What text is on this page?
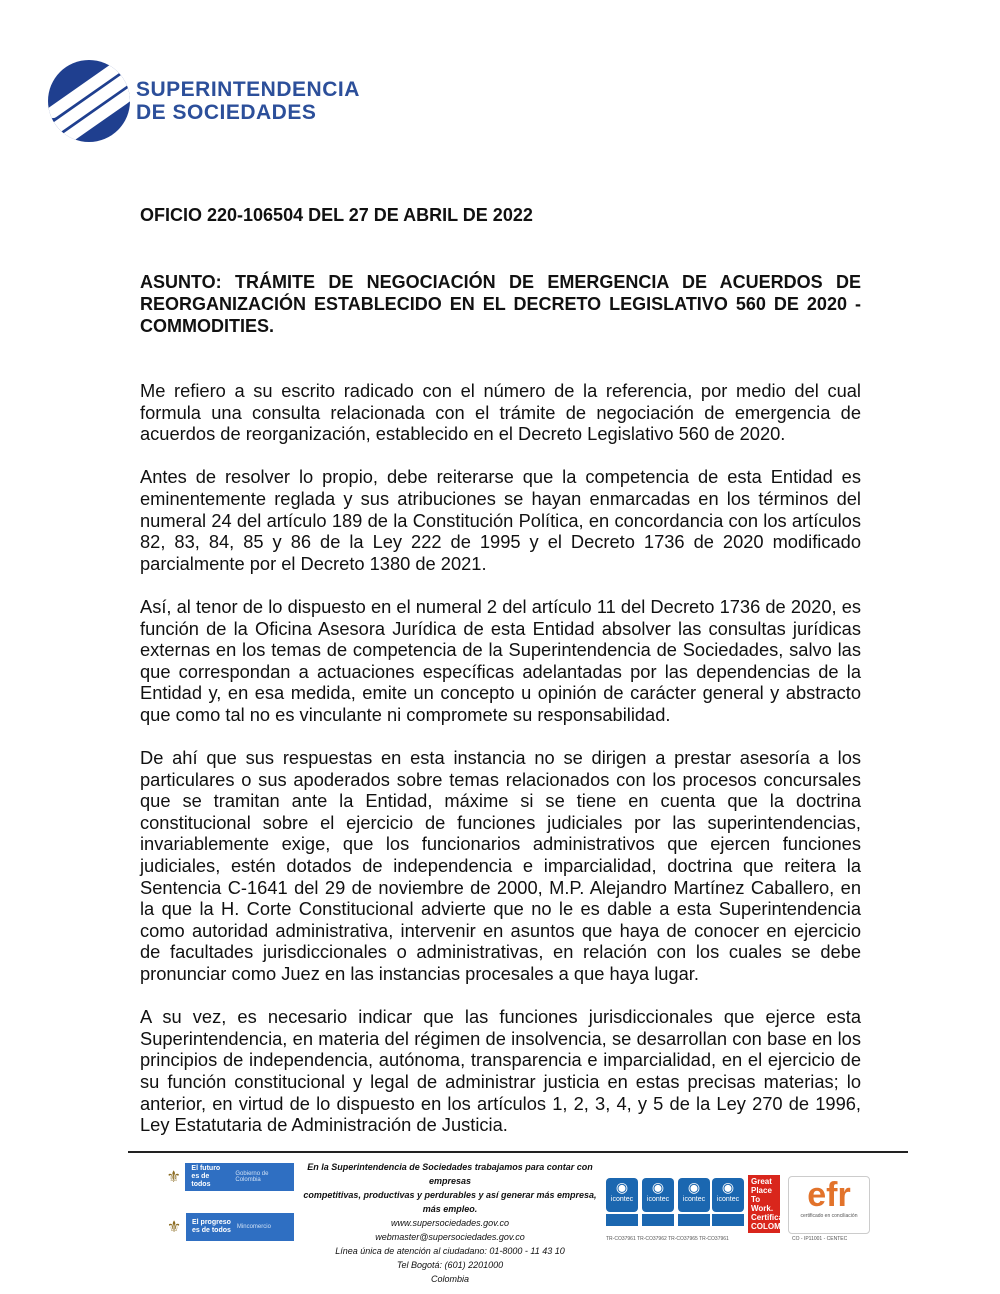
SUPERINTENDENCIA
DE SOCIEDADES
OFICIO 220-106504 DEL 27 DE ABRIL DE 2022
ASUNTO: TRÁMITE DE NEGOCIACIÓN DE EMERGENCIA DE ACUERDOS DE REORGANIZACIÓN ESTABLECIDO EN EL DECRETO LEGISLATIVO 560 DE 2020 - COMMODITIES.

Me refiero a su escrito radicado con el número de la referencia, por medio del cual formula una consulta relacionada con el trámite de negociación de emergencia de acuerdos de reorganización, establecido en el Decreto Legislativo 560 de 2020.

Antes de resolver lo propio, debe reiterarse que la competencia de esta Entidad es eminentemente reglada y sus atribuciones se hayan enmarcadas en los términos del numeral 24 del artículo 189 de la Constitución Política, en concordancia con los artículos 82, 83, 84, 85 y 86 de la Ley 222 de 1995 y el Decreto 1736 de 2020 modificado parcialmente por el Decreto 1380 de 2021.

Así, al tenor de lo dispuesto en el numeral 2 del artículo 11 del Decreto 1736 de 2020, es función de la Oficina Asesora Jurídica de esta Entidad absolver las consultas jurídicas externas en los temas de competencia de la Superintendencia de Sociedades, salvo las que correspondan a actuaciones específicas adelantadas por las dependencias de la Entidad y, en esa medida, emite un concepto u opinión de carácter general y abstracto que como tal no es vinculante ni compromete su responsabilidad.

De ahí que sus respuestas en esta instancia no se dirigen a prestar asesoría a los particulares o sus apoderados sobre temas relacionados con los procesos concursales que se tramitan ante la Entidad, máxime si se tiene en cuenta que la doctrina constitucional sobre el ejercicio de funciones judiciales por las superintendencias, invariablemente exige, que los funcionarios administrativos que ejercen funciones judiciales, estén dotados de independencia e imparcialidad, doctrina que reitera la Sentencia C-1641 del 29 de noviembre de 2000, M.P. Alejandro Martínez Caballero, en la que la H. Corte Constitucional advierte que no le es dable a esta Superintendencia como autoridad administrativa, intervenir en asuntos que haya de conocer en ejercicio de facultades jurisdiccionales o administrativas, en relación con los cuales se debe pronunciar como Juez en las instancias procesales a que haya lugar.

A su vez, es necesario indicar que las funciones jurisdiccionales que ejerce esta Superintendencia, en materia del régimen de insolvencia, se desarrollan con base en los principios de independencia, autónoma, transparencia e imparcialidad, en el ejercicio de su función constitucional y legal de administrar justicia en estas precisas materias; lo anterior, en virtud de lo dispuesto en los artículos 1, 2, 3, 4, y 5 de la Ley 270 de 1996, Ley Estatutaria de Administración de Justicia.

⚜
El futuro
es de todos
Gobierno de Colombia
⚜	El progreso
es de todos Mincomercio
En la Superintendencia de Sociedades trabajamos para contar con empresas
competitivas, productivas y perdurables y así generar más empresa, más empleo.
www.supersociedades.gov.co
webmaster@supersociedades.gov.co
Línea única de atención al ciudadano: 01-8000 - 11 43 10
Tel Bogotá: (601) 2201000
Colombia
◉
icontec
◉
icontec
◉
icontec
◉
icontec
Great Place To Work. Certificado COLOMBIA
efr
certificado en conciliación
TR-CO37961 TR-CO37962 TR-CO37965 TR-CO37961	CO - IP11001 - CENTEC
